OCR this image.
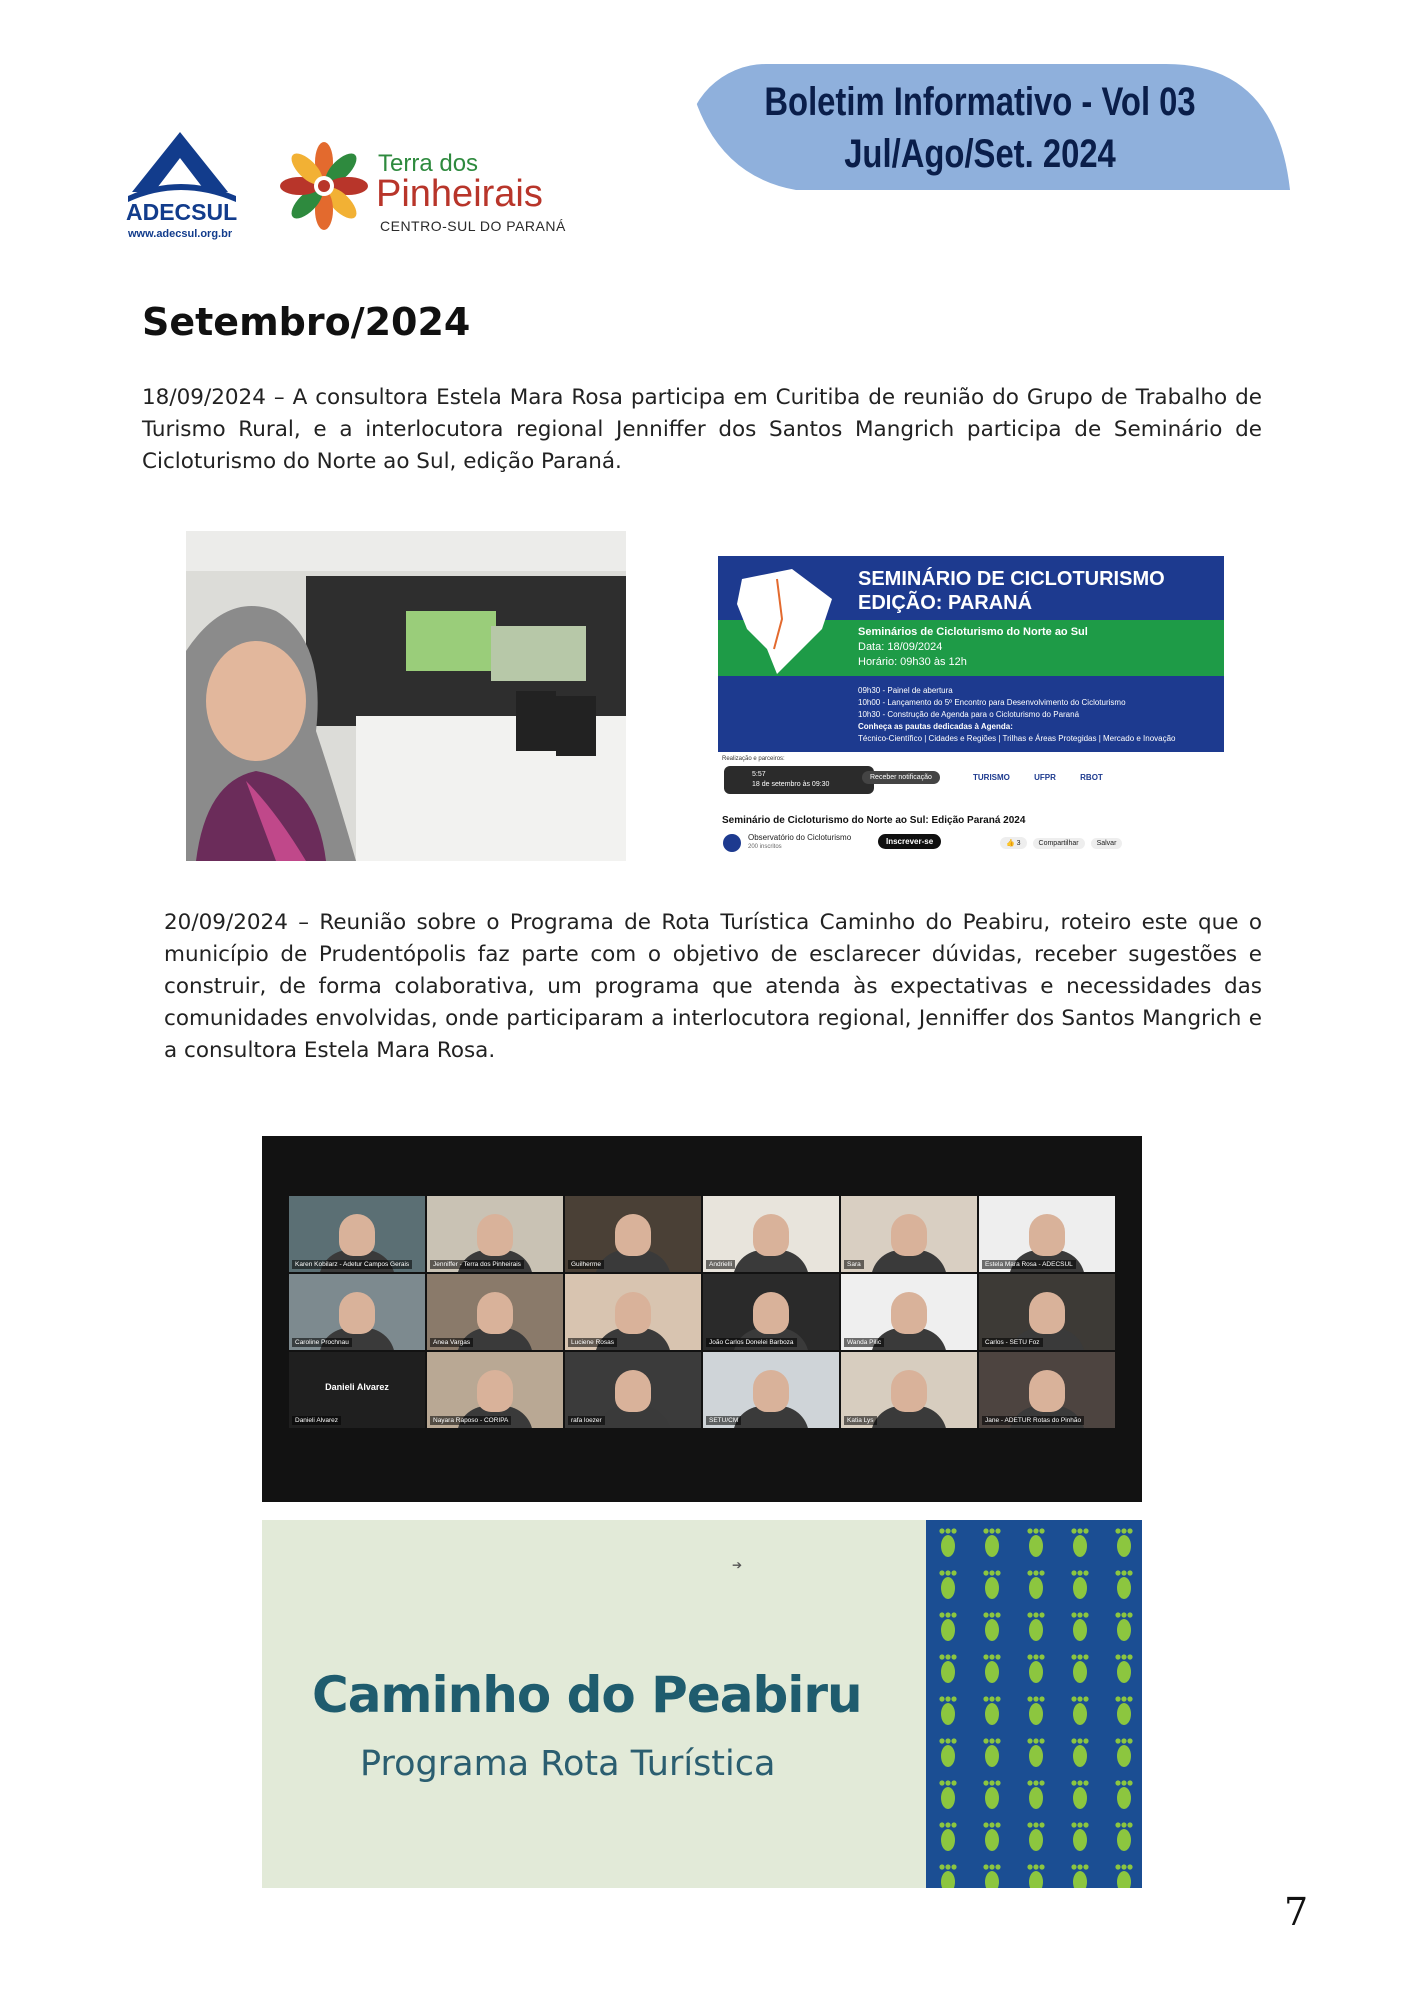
Boletim Informativo - Vol 03
Jul/Ago/Set. 2024
ADECSUL
www.adecsul.org.br
Terra dos
Pinheirais
CENTRO-SUL DO PARANÁ
Setembro/2024
18/09/2024 – A consultora Estela Mara Rosa participa em Curitiba de reunião do Grupo de Trabalho de Turismo Rural, e a interlocutora regional Jenniffer dos Santos Mangrich participa de Seminário de Cicloturismo do Norte ao Sul, edição Paraná.
SEMINÁRIO DE CICLOTURISMO
EDIÇÃO: PARANÁ
Seminários de Cicloturismo do Norte ao Sul
Data: 18/09/2024
Horário: 09h30 às 12h
09h30 - Painel de abertura
10h00 - Lançamento do 5º Encontro para Desenvolvimento do Cicloturismo
10h30 - Construção de Agenda para o Cicloturismo do Paraná
Conheça as pautas dedicadas à Agenda:
Técnico-Científico | Cidades e Regiões | Trilhas e Áreas Protegidas | Mercado e Inovação
Realização e parceiros:
5:57
18 de setembro às 09:30
Receber notificação	TURISMO	UFPR	RBOT
Seminário de Cicloturismo do Norte ao Sul: Edição Paraná 2024
Observatório do Cicloturismo
200 inscritos
Inscrever-se	👍 3	Compartilhar	Salvar
20/09/2024 – Reunião sobre o Programa de Rota Turística Caminho do Peabiru, roteiro este que o município de Prudentópolis faz parte com o objetivo de esclarecer dúvidas, receber sugestões e construir, de forma colaborativa, um programa que atenda às expectativas e necessidades das comunidades envolvidas, onde participaram a interlocutora regional, Jenniffer dos Santos Mangrich e a consultora Estela Mara Rosa.
Karen Kobilarz - Adetur Campos Gerais	Jenniffer - Terra dos Pinheirais	Guilherme	Andrielli	Sara	Estela Mara Rosa - ADECSUL
Caroline Prochnau	Anea Vargas	Luciene Rosas	João Carlos Donelei Barboza	Wanda Pilic	Carlos - SETU Foz
Danieli Alvarez
Danieli Alvarez	Nayara Raposo - CORIPA	rafa loezer	SETU/CM	Katia Lys	Jane - ADETUR Rotas do Pinhão
➔
Caminho do Peabiru
Programa Rota Turística
7
